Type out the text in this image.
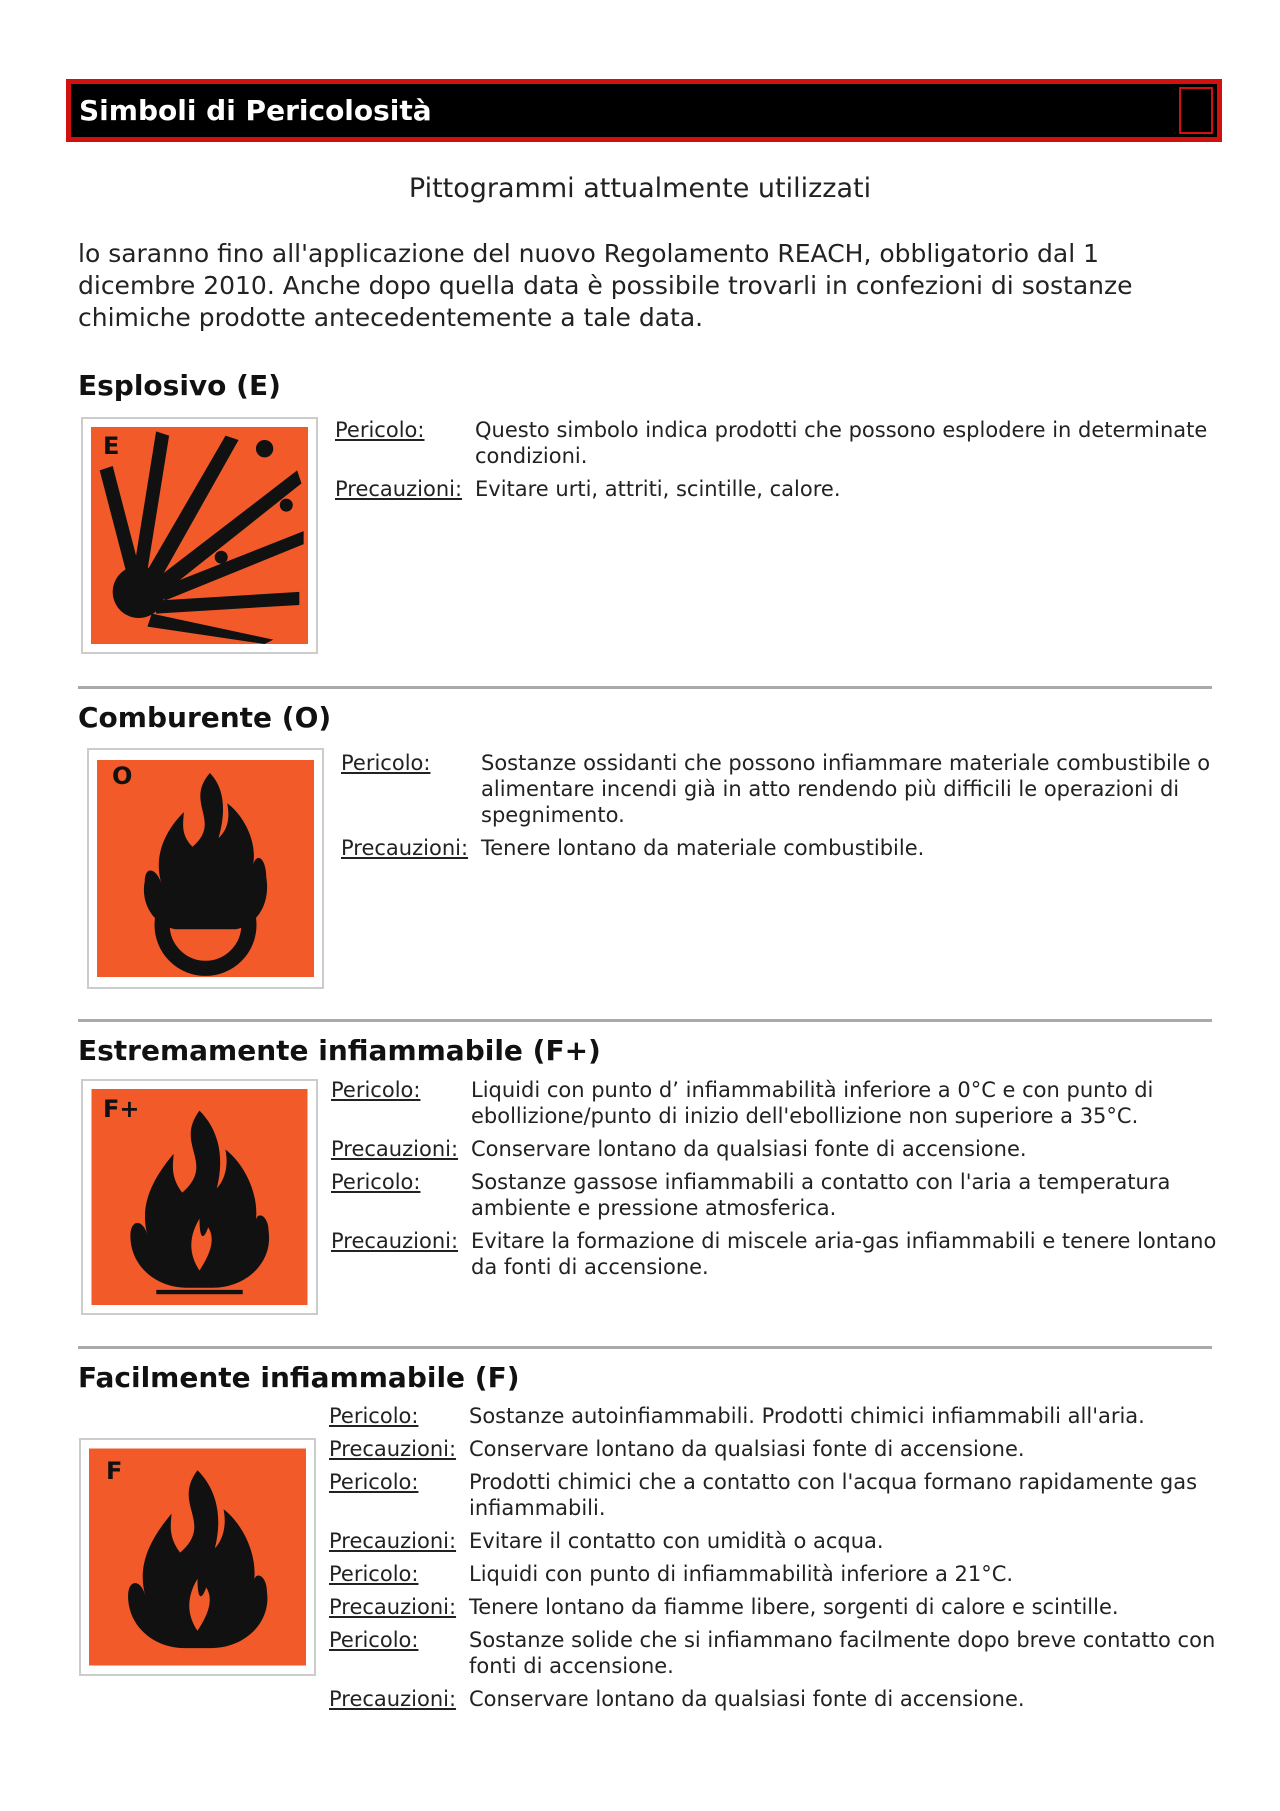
Simboli di Pericolosità
Pittogrammi attualmente utilizzati
lo saranno fino all'applicazione del nuovo Regolamento REACH, obbligatorio dal 1 dicembre 2010. Anche dopo quella data è possibile trovarli in confezioni di sostanze chimiche prodotte antecedentemente a tale data.
Esplosivo (E)
E
Pericolo:	Questo simbolo indica prodotti che possono esplodere in determinate condizioni.
Precauzioni: Evitare urti, attriti, scintille, calore.
Comburente (O)
O	Pericolo:	Sostanze ossidanti che possono infiammare materiale combustibile o alimentare incendi già in atto rendendo più difficili le operazioni di spegnimento.
Precauzioni: Tenere lontano da materiale combustibile.
Estremamente infiammabile (F+)
F+
Pericolo:	Liquidi con punto d’ infiammabilità inferiore a 0°C e con punto di ebollizione/punto di inizio dell'ebollizione non superiore a 35°C.
Precauzioni: Conservare lontano da qualsiasi fonte di accensione.
Pericolo:	Sostanze gassose infiammabili a contatto con l'aria a temperatura ambiente e pressione atmosferica.
Precauzioni: Evitare la formazione di miscele aria-gas infiammabili e tenere lontano da fonti di accensione.
Facilmente infiammabile (F)
F
Pericolo:	Sostanze autoinfiammabili. Prodotti chimici infiammabili all'aria.
Precauzioni: Conservare lontano da qualsiasi fonte di accensione.
Pericolo:	Prodotti chimici che a contatto con l'acqua formano rapidamente gas infiammabili.
Precauzioni: Evitare il contatto con umidità o acqua.
Pericolo:	Liquidi con punto di infiammabilità inferiore a 21°C.
Precauzioni: Tenere lontano da fiamme libere, sorgenti di calore e scintille.
Pericolo:	Sostanze solide che si infiammano facilmente dopo breve contatto con fonti di accensione.
Precauzioni: Conservare lontano da qualsiasi fonte di accensione.
